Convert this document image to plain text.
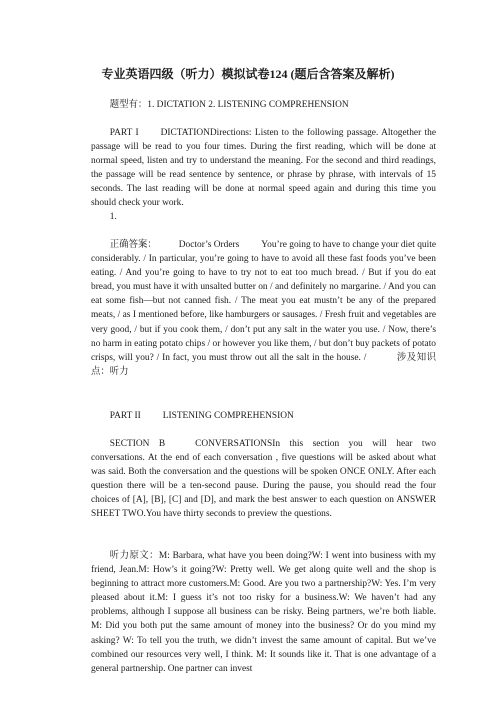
专业英语四级（听力）模拟试卷124 (题后含答案及解析)
题型有：1. DICTATION 2. LISTENING COMPREHENSION
PART I DICTATIONDirections: Listen to the following passage. Altogether the passage will be read to you four times. During the first reading, which will be done at normal speed, listen and try to understand the meaning. For the second and third readings, the passage will be read sentence by sentence, or phrase by phrase, with intervals of 15 seconds. The last reading will be done at normal speed again and during this time you should check your work.
1.
正确答案： Doctor’s Orders You’re going to have to change your diet quite considerably. / In particular, you’re going to have to avoid all these fast foods you’ve been eating. / And you’re going to have to try not to eat too much bread. / But if you do eat bread, you must have it with unsalted butter on / and definitely no margarine. / And you can eat some fish—but not canned fish. / The meat you eat mustn’t be any of the prepared meats, / as I mentioned before, like hamburgers or sausages. / Fresh fruit and vegetables are very good, / but if you cook them, / don’t put any salt in the water you use. / Now, there’s no harm in eating potato chips / or however you like them, / but don’t buy packets of potato crisps, will you? / In fact, you must throw out all the salt in the house. /	涉及知识点：听力
PART II LISTENING COMPREHENSION
SECTION B	CONVERSATIONSIn this section you will hear two conversations. At the end of each conversation , five questions will be asked about what was said. Both the conversation and the questions will be spoken ONCE ONLY. After each question there will be a ten-second pause. During the pause, you should read the four choices of [A], [B], [C] and [D], and mark the best answer to each question on ANSWER SHEET TWO.You have thirty seconds to preview the questions.
听力原文：M: Barbara, what have you been doing?W: I went into business with my friend, Jean.M: How’s it going?W: Pretty well. We get along quite well and the shop is beginning to attract more customers.M: Good. Are you two a partnership?W: Yes. I’m very pleased about it.M: I guess it’s not too risky for a business.W: We haven’t had any problems, although I suppose all business can be risky. Being partners, we’re both liable. M: Did you both put the same amount of money into the business? Or do you mind my asking? W: To tell you the truth, we didn’t invest the same amount of capital. But we’ve combined our resources very well, I think. M: It sounds like it. That is one advantage of a general partnership. One partner can invest
